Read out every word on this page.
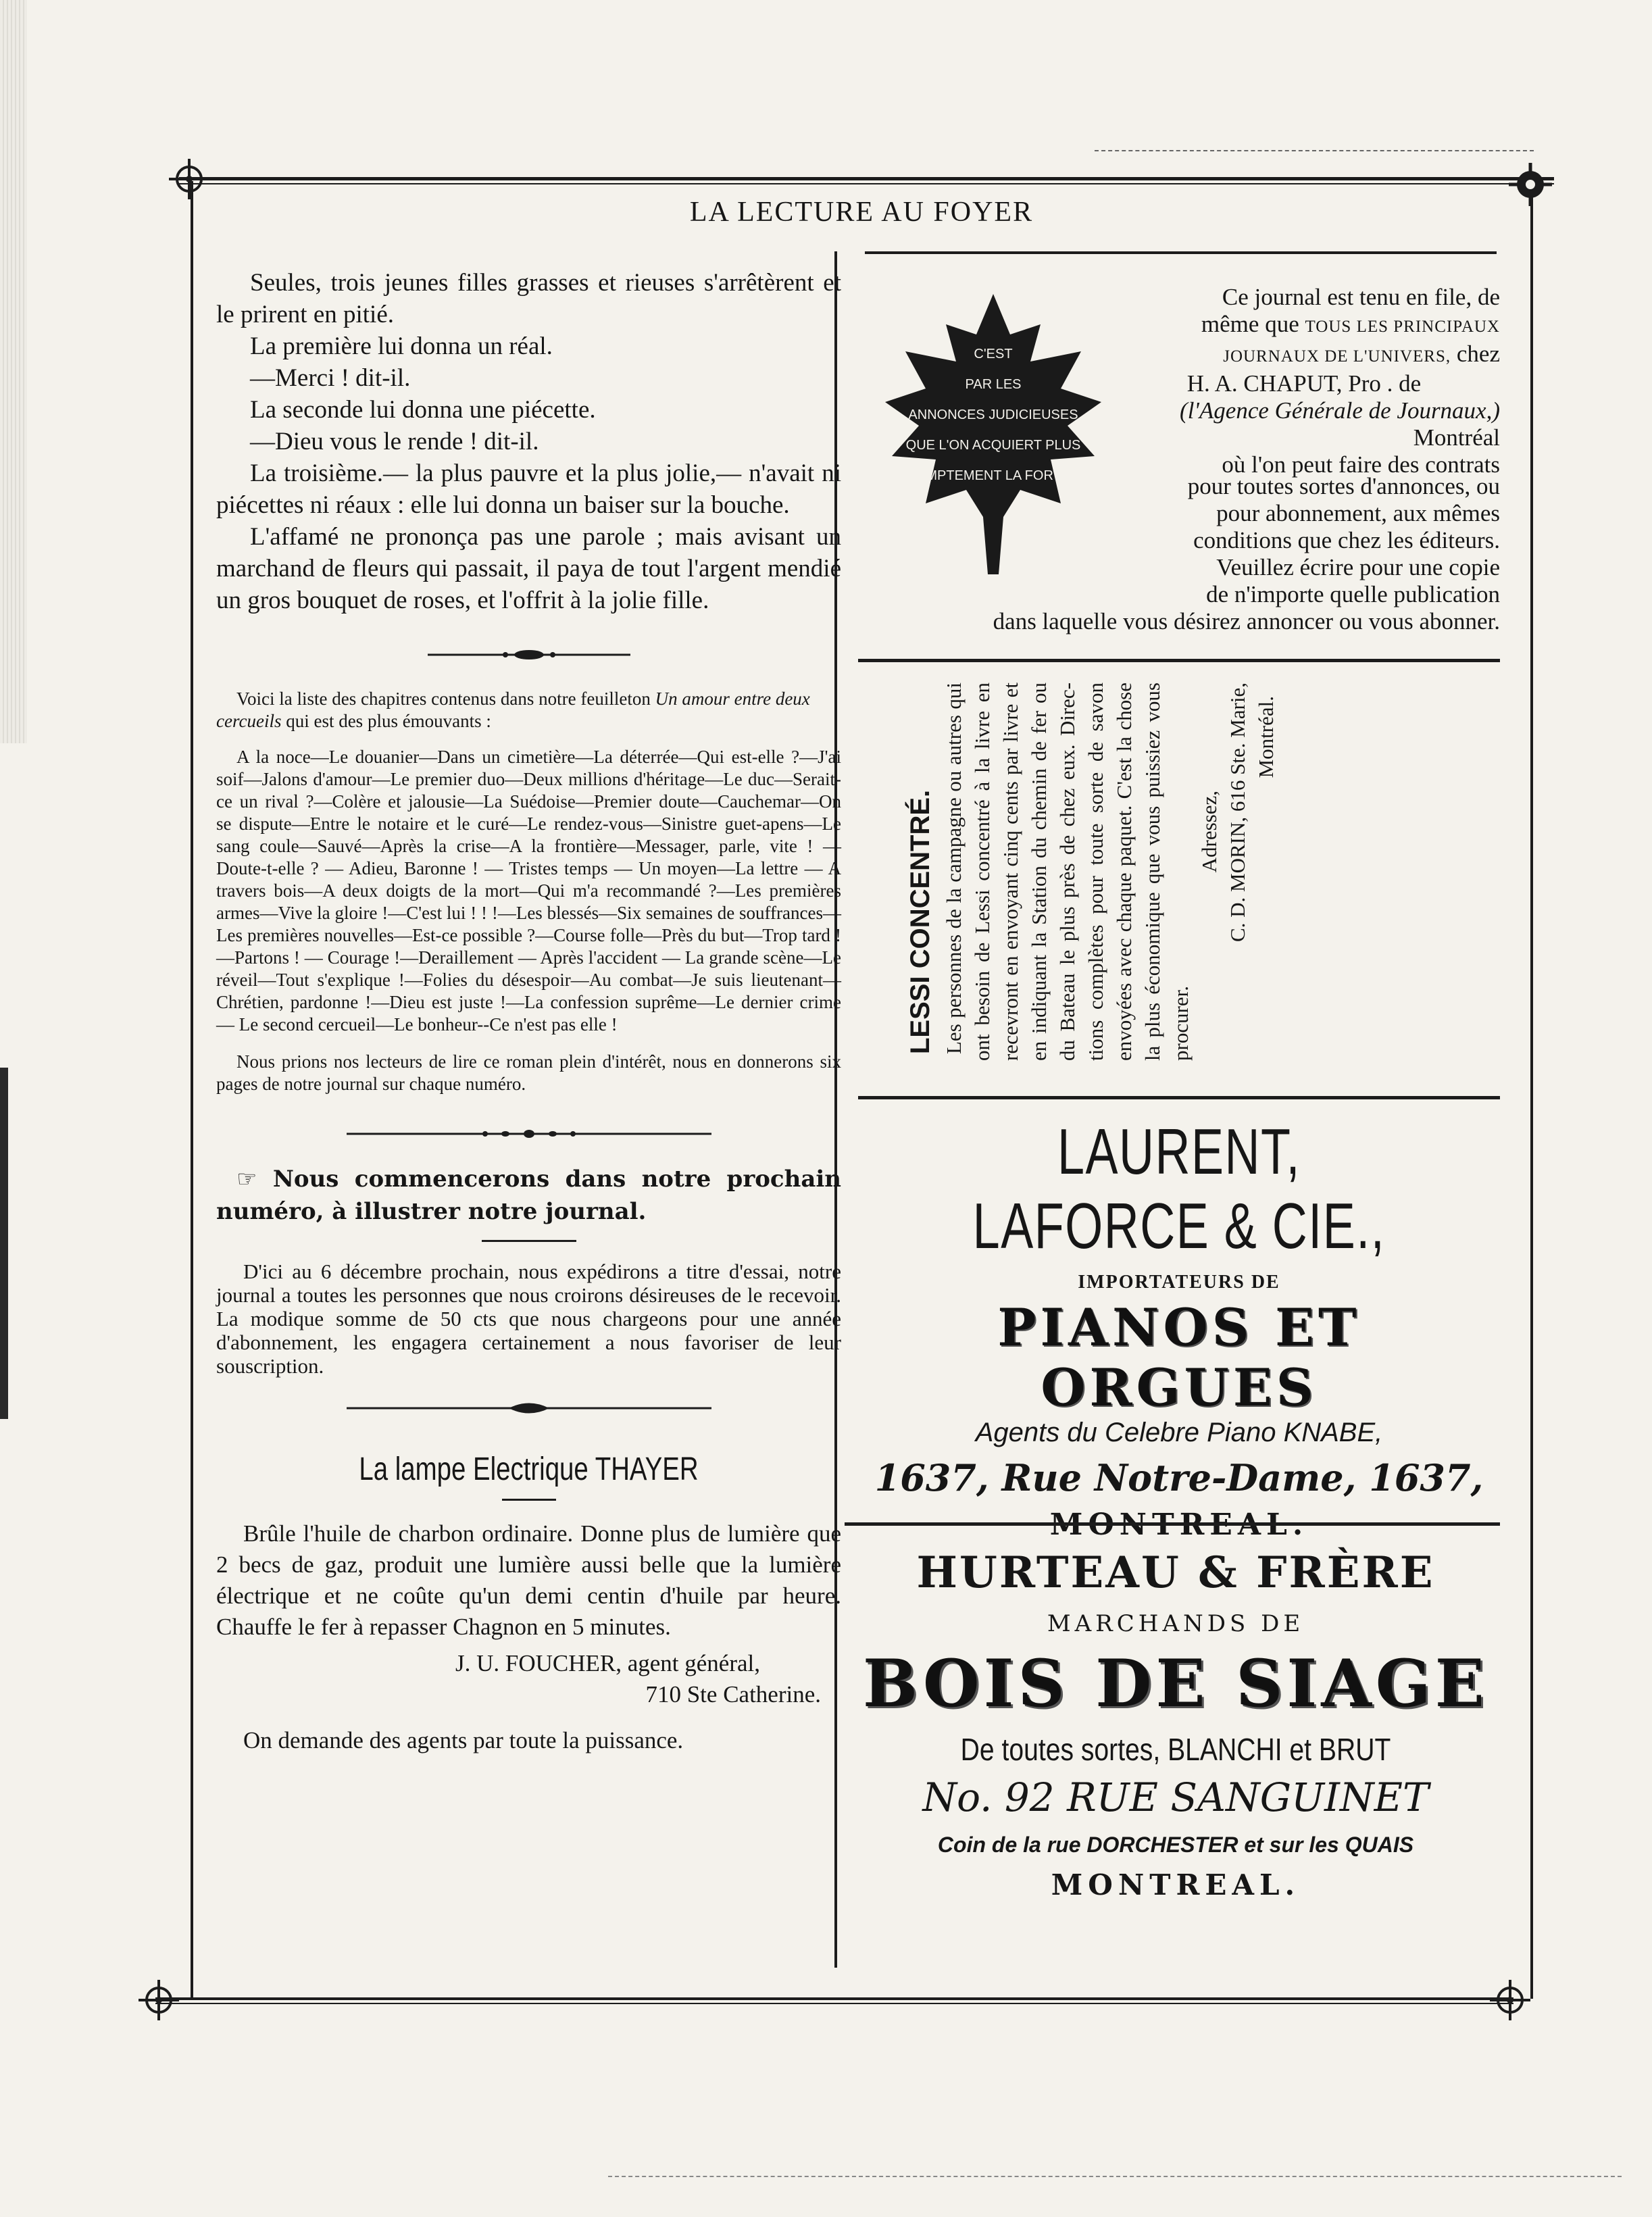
LA LECTURE AU FOYER

Seules, trois jeunes filles grasses et rieuses s'arrêtèrent et le prirent en pitié.

La première lui donna un réal.

—Merci ! dit-il.

La seconde lui donna une piécette.

—Dieu vous le rende ! dit-il.

La troisième.— la plus pauvre et la plus jolie,— n'avait ni piécettes ni réaux : elle lui donna un baiser sur la bouche.

L'affamé ne prononça pas une parole ; mais avisant un marchand de fleurs qui passait, il paya de tout l'argent mendié un gros bouquet de roses, et l'offrit à la jolie fille.

Voici la liste des chapitres contenus dans notre feuilleton Un amour entre deux cercueils qui est des plus émouvants :

A la noce—Le douanier—Dans un cimetière—La déterrée—Qui est-elle ?—J'ai soif—Jalons d'amour—Le premier duo—Deux millions d'héritage—Le duc—Serait-ce un rival ?—Colère et jalousie—La Suédoise—Premier doute—Cauchemar—On se dispute—Entre le notaire et le curé—Le rendez-vous—Sinistre guet-apens—Le sang coule—Sauvé—Après la crise—A la frontière—Messager, parle, vite ! — Doute-t-elle ? — Adieu, Baronne ! — Tristes temps — Un moyen—La lettre — A travers bois—A deux doigts de la mort—Qui m'a recommandé ?—Les premières armes—Vive la gloire !—C'est lui ! ! !—Les blessés—Six semaines de souffrances—Les premières nouvelles—Est-ce possible ?—Course folle—Près du but—Trop tard ! —Partons ! — Courage !—Deraillement — Après l'accident — La grande scène—Le réveil—Tout s'explique !—Folies du désespoir—Au combat—Je suis lieutenant—Chrétien, pardonne !—Dieu est juste !—La confession suprême—Le dernier crime — Le second cercueil—Le bonheur--Ce n'est pas elle !

Nous prions nos lecteurs de lire ce roman plein d'intérêt, nous en donnerons six pages de notre journal sur chaque numéro.

☞ Nous commencerons dans notre prochain numéro, à illustrer notre journal.

D'ici au 6 décembre prochain, nous expédirons a titre d'essai, notre journal a toutes les personnes que nous croirons désireuses de le recevoir. La modique somme de 50 cts que nous chargeons pour une année d'abonnement, les engagera certainement a nous favoriser de leur souscription.

La lampe Electrique THAYER

Brûle l'huile de charbon ordinaire. Donne plus de lumière que 2 becs de gaz, produit une lumière aussi belle que la lumière électrique et ne coûte qu'un demi centin d'huile par heure. Chauffe le fer à repasser Chagnon en 5 minutes.

J. U. FOUCHER, agent général,

710 Ste Catherine.

On demande des agents par toute la puissance.

C'EST
PAR LES
ANNONCES JUDICIEUSES
QUE L'ON ACQUIERT PLUS
PROMPTEMENT LA FORTUNE

Ce journal est tenu en file, de

même que TOUS LES PRINCIPAUX

JOURNAUX DE L'UNIVERS, chez

H. A. CHAPUT, Pro . de

(l'Agence Générale de Journaux,)

Montréal

où l'on peut faire des contrats

pour toutes sortes d'annonces, ou

pour abonnement, aux mêmes

conditions que chez les éditeurs.

Veuillez écrire pour une copie

de n'importe quelle publication

dans laquelle vous désirez annoncer ou vous abonner.

LESSI CONCENTRÉ. Les personnes de la campagne ou autres qui ont besoin de Lessi concentré à la livre en recevront en envoyant cinq cents par livre et en indiquant la Station du chemin de fer ou du Bateau le plus près de chez eux. Directions complètes pour toute sorte de savon envoyées avec chaque paquet. C'est la chose la plus économique que vous puissiez vous procurer.

Adressez, C. D. MORIN, 616 Ste. Marie, Montréal.

LAURENT, LAFORCE & CIE.,

IMPORTATEURS DE

PIANOS ET ORGUES

Agents du Celebre Piano KNABE,

1637, Rue Notre-Dame, 1637,

MONTREAL.

HURTEAU & FRÈRE

MARCHANDS DE

BOIS DE SIAGE

De toutes sortes, BLANCHI et BRUT

No. 92 RUE SANGUINET

Coin de la rue DORCHESTER et sur les QUAIS

MONTREAL.
